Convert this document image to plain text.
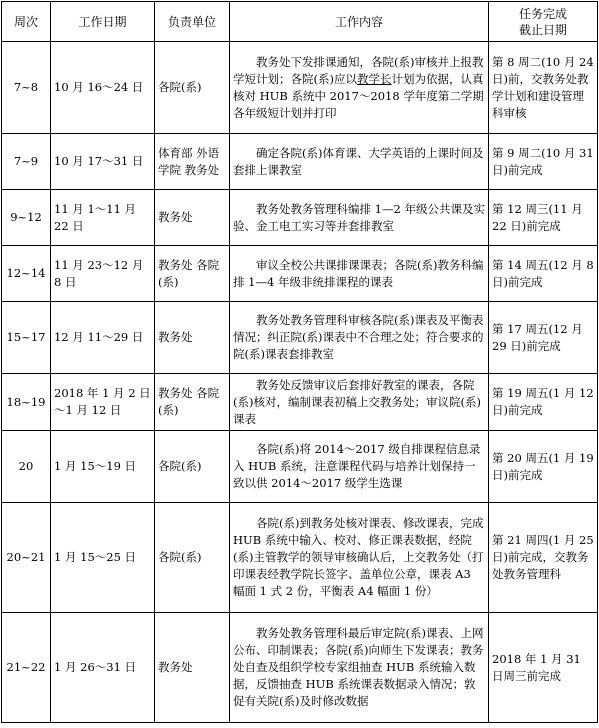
周次	工作日期	负责单位	工作内容	任务完成
截止日期

7~8	10 月 16～24 日	各院(系)	教务处下发排课通知，各院(系)审核并上报教学短计划；各院(系)应以教学长计划为依据，认真核对 HUB 系统中 2017～2018 学年度第二学期各年级短计划并打印	第 8 周二(10 月 24 日)前，交教务处教学计划和建设管理科审核
7~9	10 月 17～31 日	体育部 外语学院 教务处	确定各院(系)体育课、大学英语的上课时间及套排上课教室	第 9 周二(10 月 31 日)前完成
9~12	11 月 1～11 月 22 日	教务处	教务处教务管理科编排 1—2 年级公共课及实验、金工电工实习等并套排教室	第 12 周三(11 月 22 日)前完成
12~14	11 月 23～12 月 8 日	教务处 各院(系)	审议全校公共课排课课表；各院(系)教务科编排 1—4 年级非统排课程的课表	第 14 周五(12 月 8 日)前完成
15~17	12 月 11～29 日	教务处	教务处教务管理科审核各院(系)课表及平衡表情况；纠正院(系)课表中不合理之处；符合要求的院(系)课表套排教室	第 17 周五(12 月 29 日)前完成
18~19	2018 年 1 月 2 日～1 月 12 日	教务处 各院(系)	教务处反馈审议后套排好教室的课表，各院(系)核对，编制课表初稿上交教务处；审议院(系)课表	第 19 周五(1 月 12 日)前完成
20	1 月 15～19 日	各院(系)	各院(系)将 2014～2017 级自排课程信息录入 HUB 系统，注意课程代码与培养计划保持一致以供 2014～2017 级学生选课	第 20 周五(1 月 19 日)前完成
20~21	1 月 15～25 日	各院(系)	各院(系)到教务处核对课表、修改课表，完成 HUB 系统中输入、校对、修正课表数据，经院(系)主管教学的领导审核确认后，上交教务处（打印课表经教学院长签字、盖单位公章，课表 A3 幅面 1 式 2 份，平衡表 A4 幅面 1 份）	第 21 周四(1 月 25 日)前完成，交教务处教务管理科
21~22	1 月 26～31 日	教务处	教务处教务管理科最后审定院(系)课表、上网公布、印制课表；各院(系)向师生下发课表；教务处自查及组织学校专家组抽查 HUB 系统输入数据，反馈抽查 HUB 系统课表数据录入情况；敦促有关院(系)及时修改数据	2018 年 1 月 31 日周三前完成
